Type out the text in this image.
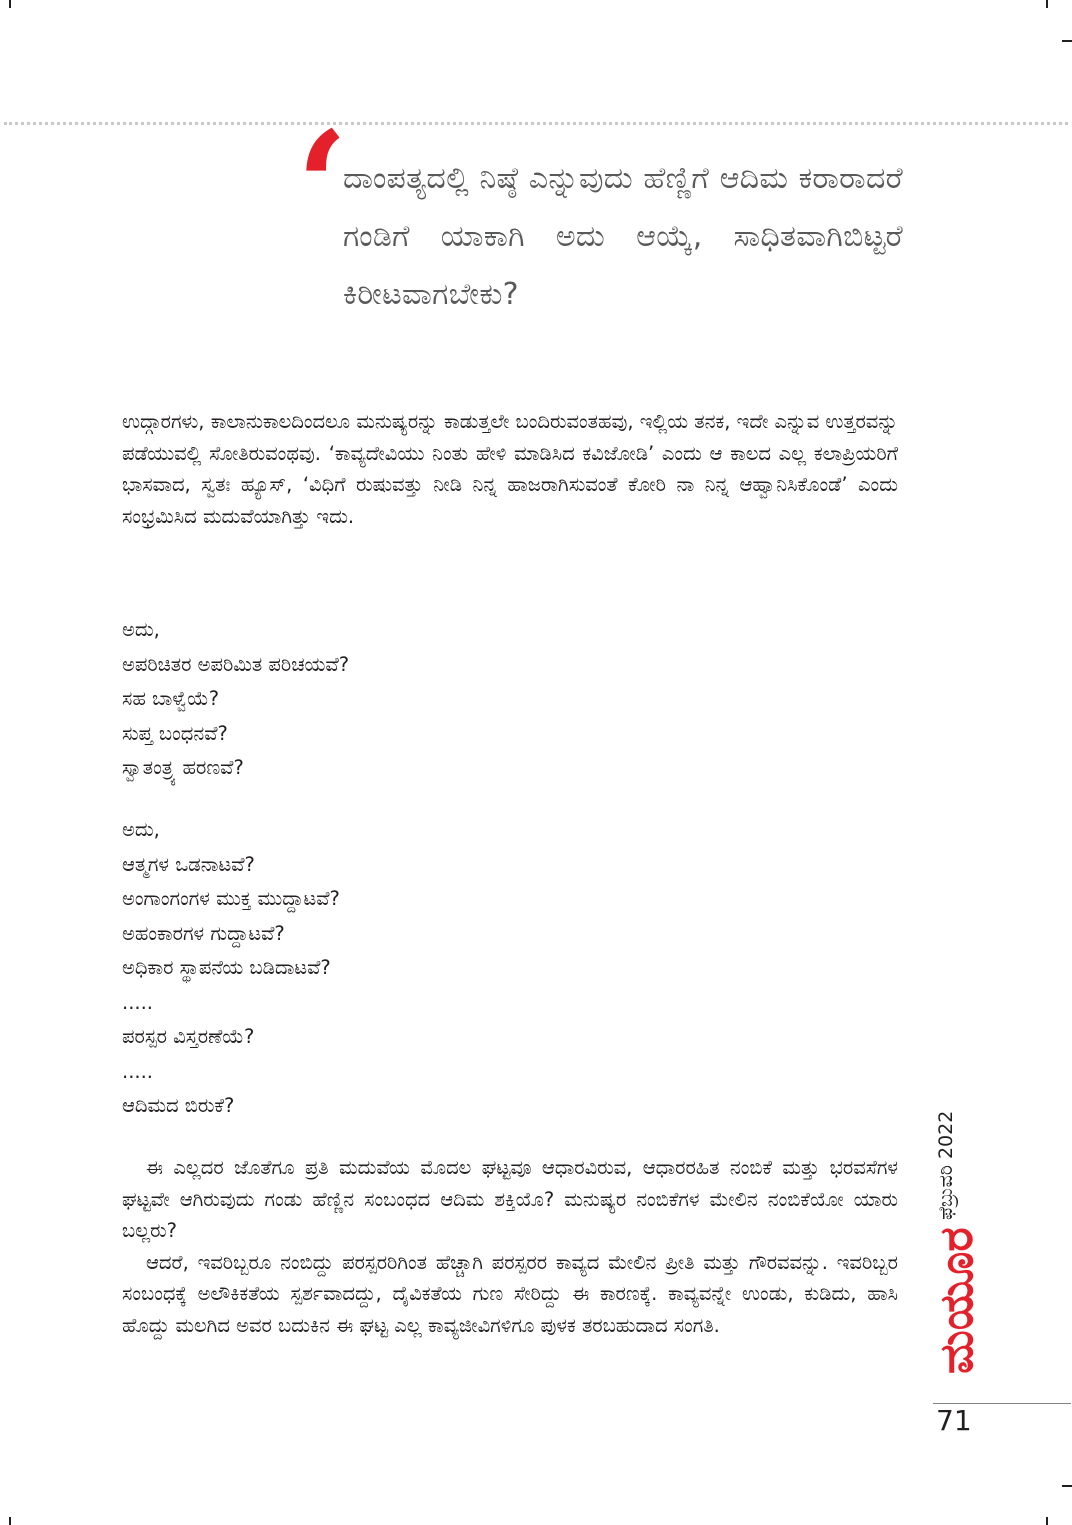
‘
ದಾಂಪತ್ಯದಲ್ಲಿ ನಿಷ್ಠೆ ಎನ್ನುವುದು ಹೆಣ್ಣಿಗೆ ಆದಿಮ ಕರಾರಾದರೆ ಗಂಡಿಗೆ ಯಾಕಾಗಿ ಅದು ಆಯ್ಕೆ, ಸಾಧಿತವಾಗಿಬಿಟ್ಟರೆ ಕಿರೀಟವಾಗಬೇಕು?

ಉದ್ಗಾರಗಳು, ಕಾಲಾನುಕಾಲದಿಂದಲೂ ಮನುಷ್ಯರನ್ನು ಕಾಡುತ್ತಲೇ ಬಂದಿರುವಂತಹವು, ಇಲ್ಲಿಯ ತನಕ, ಇದೇ ಎನ್ನುವ ಉತ್ತರವನ್ನು ಪಡೆಯುವಲ್ಲಿ ಸೋತಿರುವಂಥವು. ‘ಕಾವ್ಯದೇವಿಯು ನಿಂತು ಹೇಳಿ ಮಾಡಿಸಿದ ಕವಿಜೋಡಿ’ ಎಂದು ಆ ಕಾಲದ ಎಲ್ಲ ಕಲಾಪ್ರಿಯರಿಗೆ ಭಾಸವಾದ, ಸ್ವತಃ ಹ್ಯೂಸ್, ‘ವಿಧಿಗೆ ರುಷುವತ್ತು ನೀಡಿ ನಿನ್ನ ಹಾಜರಾಗಿಸುವಂತೆ ಕೋರಿ ನಾ ನಿನ್ನ ಆಹ್ವಾನಿಸಿಕೊಂಡೆ’ ಎಂದು ಸಂಭ್ರಮಿಸಿದ ಮದುವೆಯಾಗಿತ್ತು ಇದು.

ಅದು,
ಅಪರಿಚಿತರ ಅಪರಿಮಿತ ಪರಿಚಯವೆ?
ಸಹ ಬಾಳ್ವೆಯೆ?
ಸುಪ್ತ ಬಂಧನವೆ?
ಸ್ವಾತಂತ್ರ್ಯ ಹರಣವೆ?
ಅದು,
ಆತ್ಮಗಳ ಒಡನಾಟವೆ?
ಅಂಗಾಂಗಂಗಳ ಮುಕ್ತ ಮುದ್ದಾಟವೆ?
ಅಹಂಕಾರಗಳ ಗುದ್ದಾಟವೆ?
ಅಧಿಕಾರ ಸ್ಥಾಪನೆಯ ಬಡಿದಾಟವೆ?
.....
ಪರಸ್ಪರ ವಿಸ್ತರಣೆಯೆ?
.....
ಆದಿಮದ ಬಿರುಕೆ?

ಈ ಎಲ್ಲದರ ಜೊತೆಗೂ ಪ್ರತಿ ಮದುವೆಯ ಮೊದಲ ಘಟ್ಟವೂ ಆಧಾರವಿರುವ, ಆಧಾರರಹಿತ ನಂಬಿಕೆ ಮತ್ತು ಭರವಸೆಗಳ ಘಟ್ಟವೇ ಆಗಿರುವುದು ಗಂಡು ಹೆಣ್ಣಿನ ಸಂಬಂಧದ ಆದಿಮ ಶಕ್ತಿಯೊ? ಮನುಷ್ಯರ ನಂಬಿಕೆಗಳ ಮೇಲಿನ ನಂಬಿಕೆಯೋ ಯಾರು ಬಲ್ಲರು?

ಆದರೆ, ಇವರಿಬ್ಬರೂ ನಂಬಿದ್ದು ಪರಸ್ಪರರಿಗಿಂತ ಹೆಚ್ಚಾಗಿ ಪರಸ್ಪರರ ಕಾವ್ಯದ ಮೇಲಿನ ಪ್ರೀತಿ ಮತ್ತು ಗೌರವವನ್ನು. ಇವರಿಬ್ಬರ ಸಂಬಂಧಕ್ಕೆ ಅಲೌಕಿಕತೆಯ ಸ್ಪರ್ಶವಾದದ್ದು, ದೈವಿಕತೆಯ ಗುಣ ಸೇರಿದ್ದು ಈ ಕಾರಣಕ್ಕೆ. ಕಾವ್ಯವನ್ನೇ ಉಂಡು, ಕುಡಿದು, ಹಾಸಿ ಹೊದ್ದು ಮಲಗಿದ ಅವರ ಬದುಕಿನ ಈ ಘಟ್ಟ ಎಲ್ಲ ಕಾವ್ಯಜೀವಿಗಳಿಗೂ ಪುಳಕ ತರಬಹುದಾದ ಸಂಗತಿ.

ಫೆಬ್ರುವರಿ 2022
ಮಯೂರ
71
